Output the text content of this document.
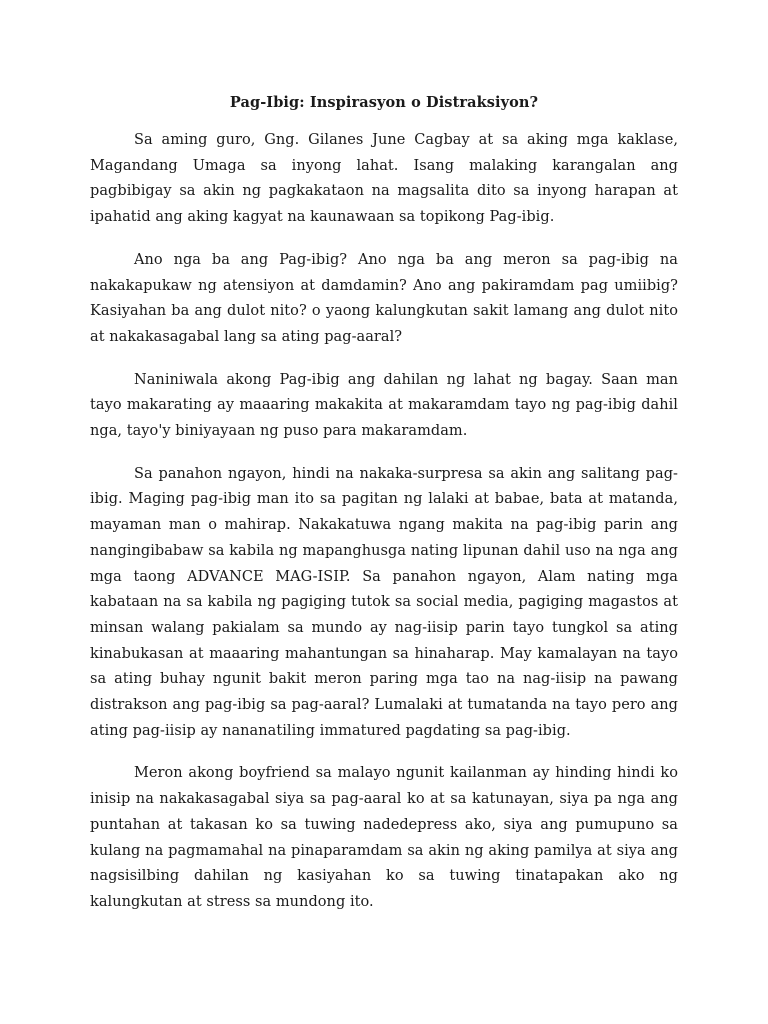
Pag-Ibig: Inspirasyon o Distraksiyon?

Sa aming guro, Gng. Gilanes June Cagbay at sa aking mga kaklase, Magandang Umaga sa inyong lahat. Isang malaking karangalan ang pagbibigay sa akin ng pagkakataon na magsalita dito sa inyong harapan at ipahatid ang aking kagyat na kaunawaan sa topikong Pag-ibig.

Ano nga ba ang Pag-ibig? Ano nga ba ang meron sa pag-ibig na nakakapukaw ng atensiyon at damdamin? Ano ang pakiramdam pag umiibig? Kasiyahan ba ang dulot nito? o yaong kalungkutan sakit lamang ang dulot nito at nakakasagabal lang sa ating pag-aaral?

Naniniwala akong Pag-ibig ang dahilan ng lahat ng bagay. Saan man tayo makarating ay maaaring makakita at makaramdam tayo ng pag-ibig dahil nga, tayo'y biniyayaan ng puso para makaramdam.

Sa panahon ngayon, hindi na nakaka-surpresa sa akin ang salitang pag-ibig. Maging pag-ibig man ito sa pagitan ng lalaki at babae, bata at matanda, mayaman man o mahirap. Nakakatuwa ngang makita na pag-ibig parin ang nangingibabaw sa kabila ng mapanghusga nating lipunan dahil uso na nga ang mga taong ADVANCE MAG-ISIP. Sa panahon ngayon, Alam nating mga kabataan na sa kabila ng pagiging tutok sa social media, pagiging magastos at minsan walang pakialam sa mundo ay nag-iisip parin tayo tungkol sa ating kinabukasan at maaaring mahantungan sa hinaharap. May kamalayan na tayo sa ating buhay ngunit bakit meron paring mga tao na nag-iisip na pawang distrakson ang pag-ibig sa pag-aaral? Lumalaki at tumatanda na tayo pero ang ating pag-iisip ay nananatiling immatured pagdating sa pag-ibig.

Meron akong boyfriend sa malayo ngunit kailanman ay hinding hindi ko inisip na nakakasagabal siya sa pag-aaral ko at sa katunayan, siya pa nga ang puntahan at takasan ko sa tuwing nadedepress ako, siya ang pumupuno sa kulang na pagmamahal na pinaparamdam sa akin ng aking pamilya at siya ang nagsisilbing dahilan ng kasiyahan ko sa tuwing tinatapakan ako ng kalungkutan at stress sa mundong ito.
